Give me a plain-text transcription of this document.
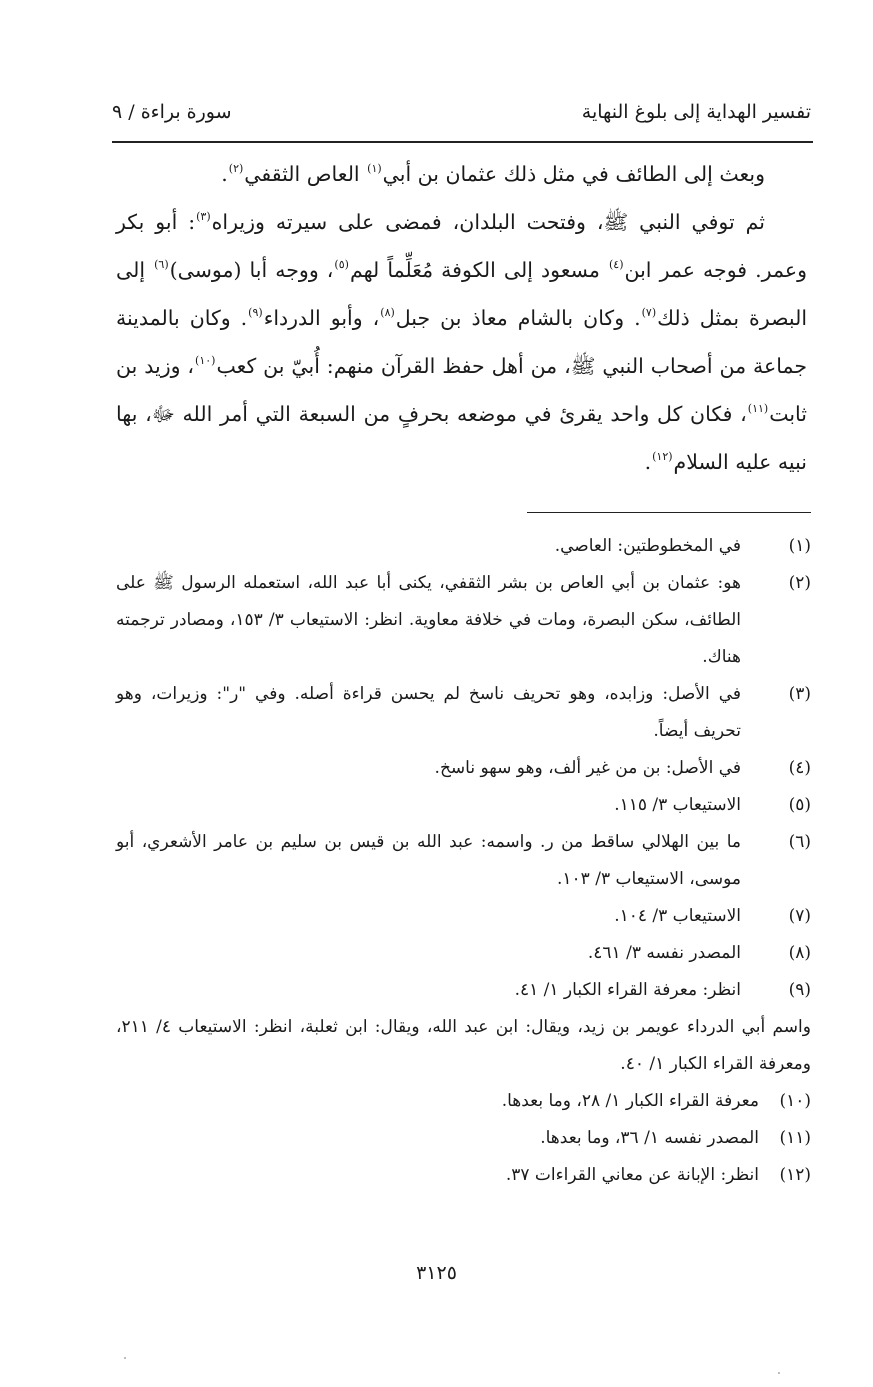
تفسير الهداية إلى بلوغ النهاية
سورة براءة / ٩

وبعث إلى الطائف في مثل ذلك عثمان بن أبي$^{(١)}$ العاص الثقفي$^{(٢)}$.

ثم توفي النبي ﷺ، وفتحت البلدان، فمضى على سيرته وزيراه$^{(٣)}$: أبو بكر وعمر. فوجه عمر ابن$^{(٤)}$ مسعود إلى الكوفة مُعَلِّماً لهم$^{(٥)}$، ووجه أبا (موسى)$^{(٦)}$ إلى البصرة بمثل ذلك$^{(٧)}$. وكان بالشام معاذ بن جبل$^{(٨)}$، وأبو الدرداء$^{(٩)}$. وكان بالمدينة جماعة من أصحاب النبي ﷺ، من أهل حفظ القرآن منهم: أُبيّ بن كعب$^{(١٠)}$، وزيد بن ثابت$^{(١١)}$، فكان كل واحد يقرئ في موضعه بحرفٍ من السبعة التي أمر الله ﷻ، بها نبيه عليه السلام$^{(١٢)}$.

(١)
في المخطوطتين: العاصي.
(٢)
هو: عثمان بن أبي العاص بن بشر الثقفي، يكنى أبا عبد الله، استعمله الرسول ﷺ على الطائف، سكن البصرة، ومات في خلافة معاوية. انظر: الاستيعاب ٣/ ١٥٣، ومصادر ترجمته هناك.
(٣)
في الأصل: وزابده، وهو تحريف ناسخ لم يحسن قراءة أصله. وفي "ر": وزيرات، وهو تحريف أيضاً.
(٤)
في الأصل: بن من غير ألف، وهو سهو ناسخ.
(٥)
الاستيعاب ٣/ ١١٥.
(٦)
ما بين الهلالي ساقط من ر. واسمه: عبد الله بن قيس بن سليم بن عامر الأشعري، أبو موسى، الاستيعاب ٣/ ١٠٣.
(٧)
الاستيعاب ٣/ ١٠٤.
(٨)
المصدر نفسه ٣/ ٤٦١.
(٩)
انظر: معرفة القراء الكبار ١/ ٤١.

واسم أبي الدرداء عويمر بن زيد، ويقال: ابن عبد الله، ويقال: ابن ثعلبة، انظر: الاستيعاب ٤/ ٢١١، ومعرفة القراء الكبار ١/ ٤٠.

(١٠)
معرفة القراء الكبار ١/ ٢٨، وما بعدها.
(١١)
المصدر نفسه ١/ ٣٦، وما بعدها.
(١٢)
انظر: الإبانة عن معاني القراءات ٣٧.
٣١٢٥
